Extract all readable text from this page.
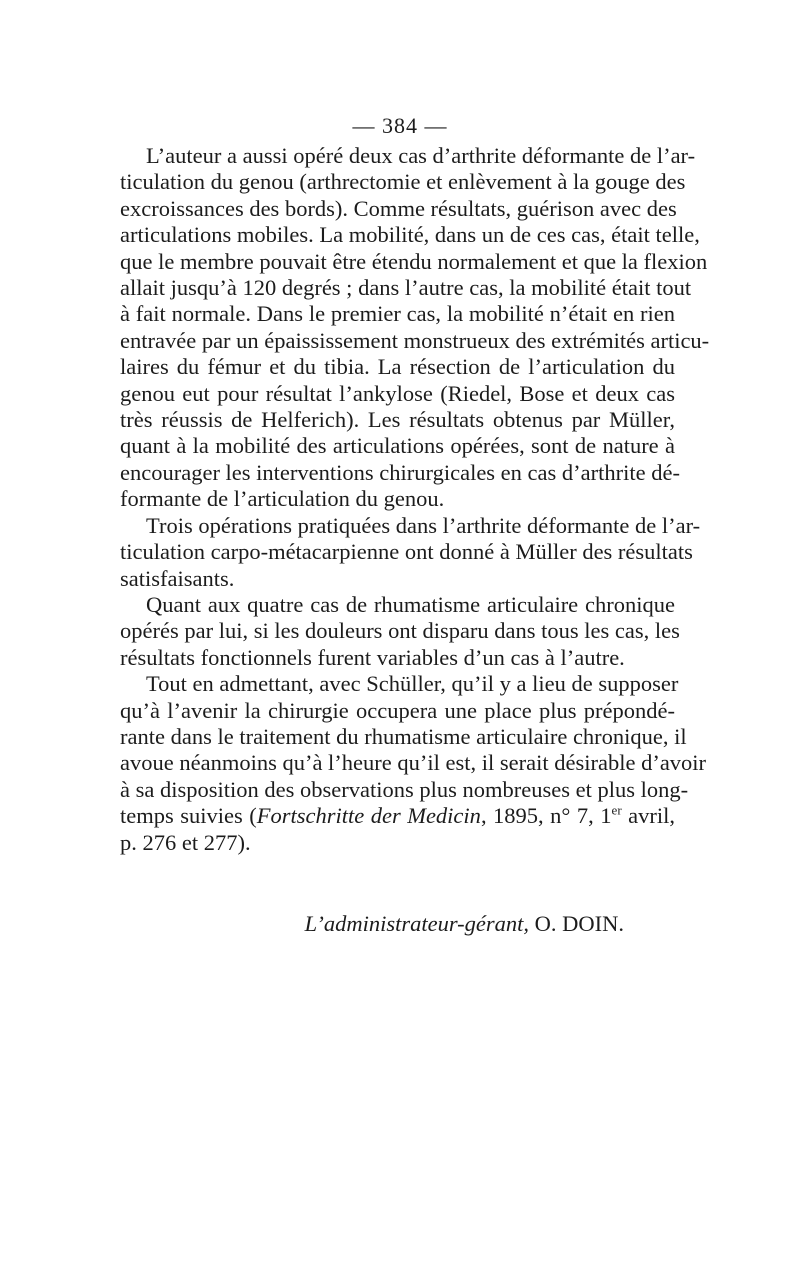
— 384 —

L’auteur a aussi opéré deux cas d’arthrite déformante de l’ar-
ticulation du genou (arthrectomie et enlèvement à la gouge des
excroissances des bords). Comme résultats, guérison avec des
articulations mobiles. La mobilité, dans un de ces cas, était telle,
que le membre pouvait être étendu normalement et que la flexion
allait jusqu’à 120 degrés ; dans l’autre cas, la mobilité était tout
à fait normale. Dans le premier cas, la mobilité n’était en rien
entravée par un épaississement monstrueux des extrémités articu-
laires du fémur et du tibia. La résection de l’articulation du
genou eut pour résultat l’ankylose (Riedel, Bose et deux cas
très réussis de Helferich). Les résultats obtenus par Müller,
quant à la mobilité des articulations opérées, sont de nature à
encourager les interventions chirurgicales en cas d’arthrite dé-
formante de l’articulation du genou.

Trois opérations pratiquées dans l’arthrite déformante de l’ar-
ticulation carpo-métacarpienne ont donné à Müller des résultats
satisfaisants.

Quant aux quatre cas de rhumatisme articulaire chronique
opérés par lui, si les douleurs ont disparu dans tous les cas, les
résultats fonctionnels furent variables d’un cas à l’autre.

Tout en admettant, avec Schüller, qu’il y a lieu de supposer
qu’à l’avenir la chirurgie occupera une place plus prépondé-
rante dans le traitement du rhumatisme articulaire chronique, il
avoue néanmoins qu’à l’heure qu’il est, il serait désirable d’avoir
à sa disposition des observations plus nombreuses et plus long-
temps suivies (Fortschritte der Medicin, 1895, n° 7, 1er avril,
p. 276 et 277).

L’administrateur-gérant, O. DOIN.
